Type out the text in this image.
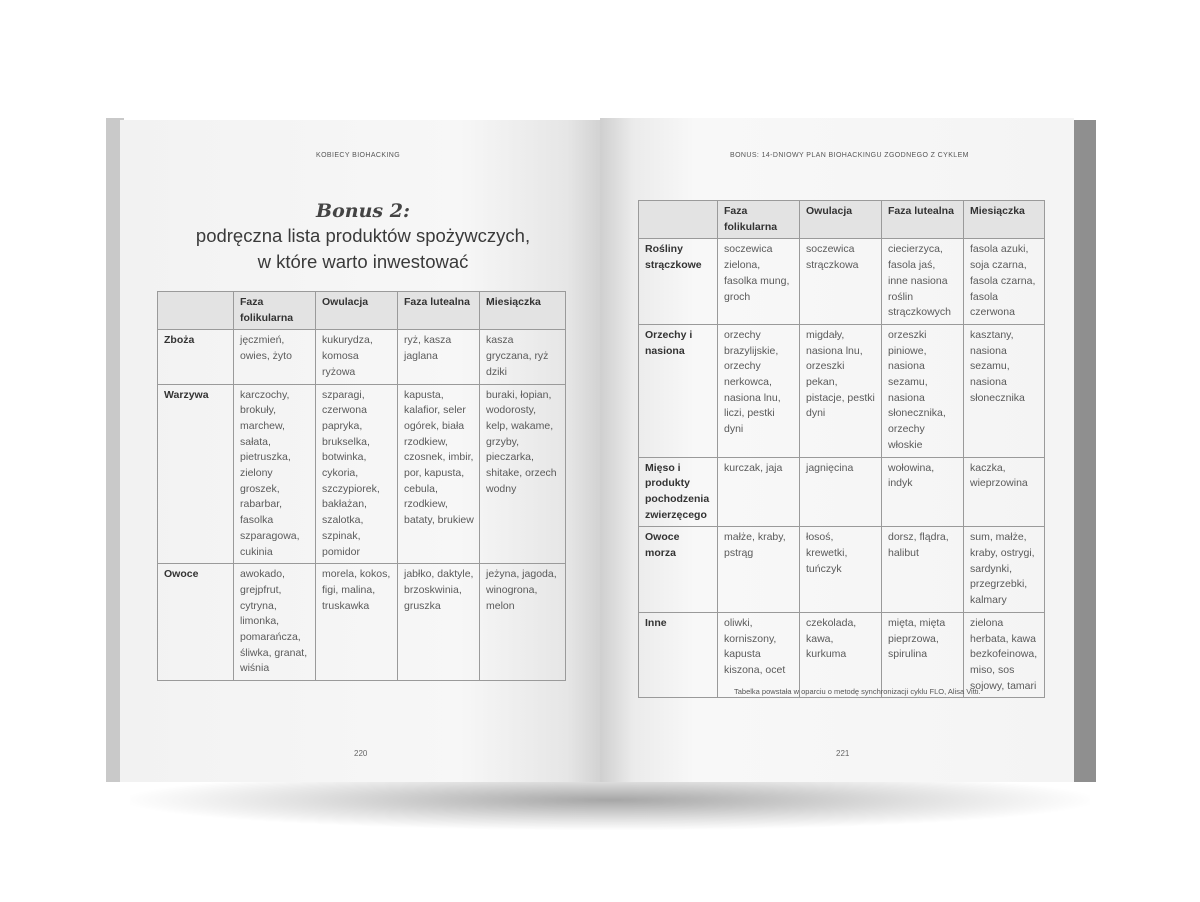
KOBIECY BIOHACKING
Bonus 2:
podręczna lista produktów spożywczych,
w które warto inwestować
	Faza folikularna	Owulacja	Faza lutealna	Miesiączka
Zboża	jęczmień, owies, żyto	kukurydza, komosa ryżowa	ryż, kasza jaglana	kasza gryczana, ryż dziki
Warzywa	karczochy, brokuły, marchew, sałata, pietruszka, zielony groszek, rabarbar, fasolka szparagowa, cukinia	szparagi, czerwona papryka, brukselka, botwinka, cykoria, szczypiorek, bakłażan, szalotka, szpinak, pomidor	kapusta, kalafior, seler ogórek, biała rzodkiew, czosnek, imbir, por, kapusta, cebula, rzodkiew, bataty, brukiew	buraki, łopian, wodorosty, kelp, wakame, grzyby, pieczarka, shitake, orzech wodny
Owoce	awokado, grejpfrut, cytryna, limonka, pomarańcza, śliwka, granat, wiśnia	morela, kokos, figi, malina, truskawka	jabłko, daktyle, brzoskwinia, gruszka	jeżyna, jagoda, winogrona, melon
220
BONUS: 14-DNIOWY PLAN BIOHACKINGU ZGODNEGO Z CYKLEM
	Faza folikularna	Owulacja	Faza lutealna	Miesiączka
Rośliny strączkowe	soczewica zielona, fasolka mung, groch	soczewica strączkowa	ciecierzyca, fasola jaś, inne nasiona roślin strączkowych	fasola azuki, soja czarna, fasola czarna, fasola czerwona
Orzechy i nasiona	orzechy brazylijskie, orzechy nerkowca, nasiona lnu, liczi, pestki dyni	migdały, nasiona lnu, orzeszki pekan, pistacje, pestki dyni	orzeszki piniowe, nasiona sezamu, nasiona słonecznika, orzechy włoskie	kasztany, nasiona sezamu, nasiona słonecznika
Mięso i produkty pochodzenia zwierzęcego	kurczak, jaja	jagnięcina	wołowina, indyk	kaczka, wieprzowina
Owoce morza	małże, kraby, pstrąg	łosoś, krewetki, tuńczyk	dorsz, flądra, halibut	sum, małże, kraby, ostrygi, sardynki, przegrzebki, kalmary
Inne	oliwki, korniszony, kapusta kiszona, ocet	czekolada, kawa, kurkuma	mięta, mięta pieprzowa, spirulina	zielona herbata, kawa bezkofeinowa, miso, sos sojowy, tamari
Tabelka powstała w oparciu o metodę synchronizacji cyklu FLO, Alisa Vitti.
221
